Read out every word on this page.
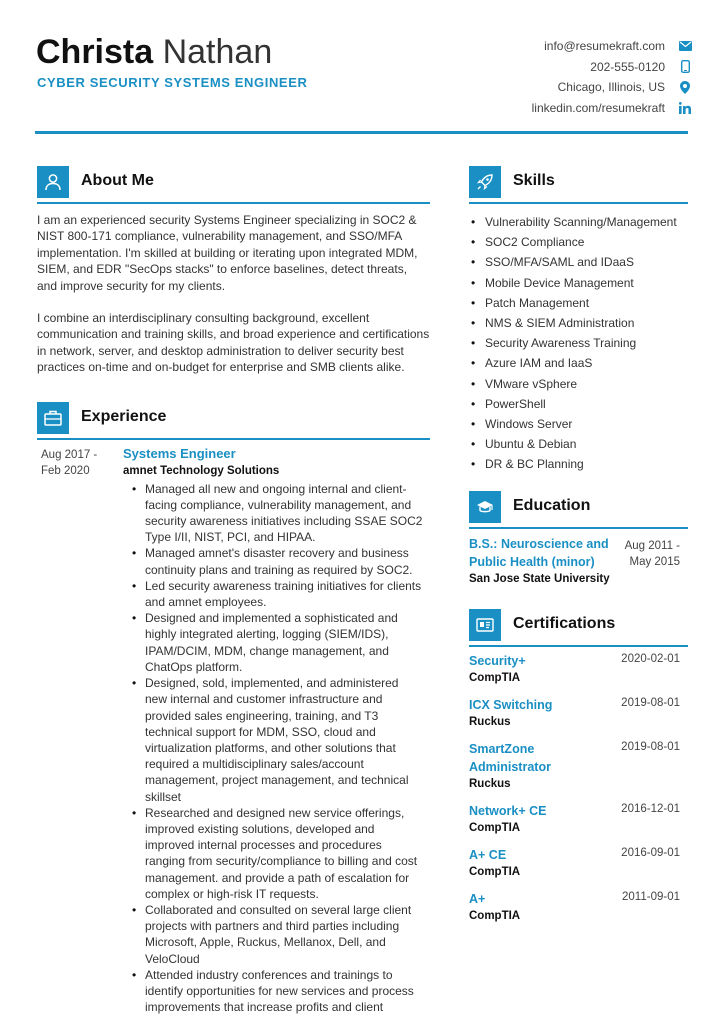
Christa Nathan
CYBER SECURITY SYSTEMS ENGINEER
info@resumekraft.com
202-555-0120
Chicago, Illinois, US
linkedin.com/resumekraft
About Me

I am an experienced security Systems Engineer specializing in SOC2 & NIST 800-171 compliance, vulnerability management, and SSO/MFA implementation. I'm skilled at building or iterating upon integrated MDM, SIEM, and EDR "SecOps stacks" to enforce baselines, detect threats, and improve security for my clients.

I combine an interdisciplinary consulting background, excellent communication and training skills, and broad experience and certifications in network, server, and desktop administration to deliver security best practices on-time and on-budget for enterprise and SMB clients alike.

Experience
Aug 2017 - Feb 2020
Systems Engineer
amnet Technology Solutions
• Managed all new and ongoing internal and client-facing compliance, vulnerability management, and security awareness initiatives including SSAE SOC2 Type I/II, NIST, PCI, and HIPAA.
• Managed amnet's disaster recovery and business continuity plans and training as required by SOC2.
• Led security awareness training initiatives for clients and amnet employees.
• Designed and implemented a sophisticated and highly integrated alerting, logging (SIEM/IDS), IPAM/DCIM, MDM, change management, and ChatOps platform.
• Designed, sold, implemented, and administered new internal and customer infrastructure and provided sales engineering, training, and T3 technical support for MDM, SSO, cloud and virtualization platforms, and other solutions that required a multidisciplinary sales/account management, project management, and technical skillset
• Researched and designed new service offerings, improved existing solutions, developed and improved internal processes and procedures ranging from security/compliance to billing and cost management. and provide a path of escalation for complex or high-risk IT requests.
• Collaborated and consulted on several large client projects with partners and third parties including Microsoft, Apple, Ruckus, Mellanox, Dell, and VeloCloud
• Attended industry conferences and trainings to identify opportunities for new services and process improvements that increase profits and client
Skills
• Vulnerability Scanning/Management
• SOC2 Compliance
• SSO/MFA/SAML and IDaaS
• Mobile Device Management
• Patch Management
• NMS & SIEM Administration
• Security Awareness Training
• Azure IAM and IaaS
• VMware vSphere
• PowerShell
• Windows Server
• Ubuntu & Debian
• DR & BC Planning
Education
B.S.: Neuroscience and Public Health (minor)
San Jose State University
Aug 2011 - May 2015
Certifications
Security+
CompTIA
2020-02-01
ICX Switching
Ruckus
2019-08-01
SmartZone Administrator
Ruckus
2019-08-01
Network+ CE
CompTIA
2016-12-01
A+ CE
CompTIA
2016-09-01
A+
CompTIA
2011-09-01
